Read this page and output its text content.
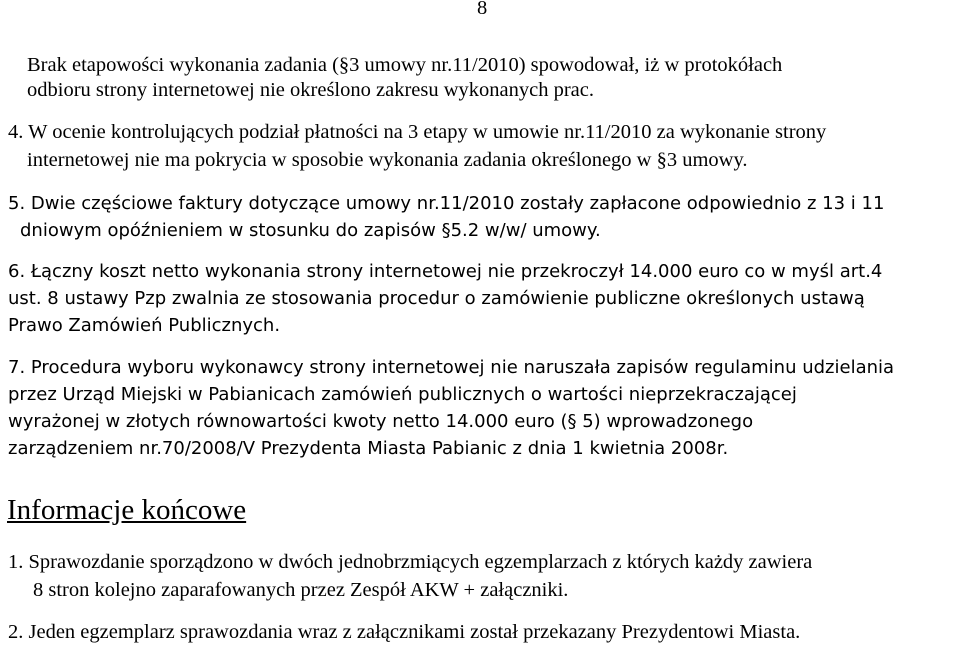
8
Brak etapowości wykonania zadania (§3 umowy nr.11/2010) spowodował, iż w protokółach
odbioru strony internetowej nie określono zakresu wykonanych prac.
4. W ocenie kontrolujących podział płatności na 3 etapy w umowie nr.11/2010 za wykonanie strony
internetowej nie ma pokrycia w sposobie wykonania zadania określonego w §3 umowy.
5. Dwie częściowe faktury dotyczące umowy nr.11/2010 zostały zapłacone odpowiednio z 13 i 11
dniowym opóźnieniem w stosunku do zapisów §5.2 w/w/ umowy.
6. Łączny koszt netto wykonania strony internetowej nie przekroczył 14.000 euro co w myśl art.4
ust. 8 ustawy Pzp zwalnia ze stosowania procedur o zamówienie publiczne określonych ustawą
Prawo Zamówień Publicznych.
7. Procedura wyboru wykonawcy strony internetowej nie naruszała zapisów regulaminu udzielania
przez Urząd Miejski w Pabianicach zamówień publicznych o wartości nieprzekraczającej
wyrażonej w złotych równowartości kwoty netto 14.000 euro (§ 5) wprowadzonego
zarządzeniem nr.70/2008/V Prezydenta Miasta Pabianic z dnia 1 kwietnia 2008r.
Informacje końcowe
1. Sprawozdanie sporządzono w dwóch jednobrzmiących egzemplarzach z których każdy zawiera
8 stron kolejno zaparafowanych przez Zespół AKW + załączniki.
2. Jeden egzemplarz sprawozdania wraz z załącznikami został przekazany Prezydentowi Miasta.
